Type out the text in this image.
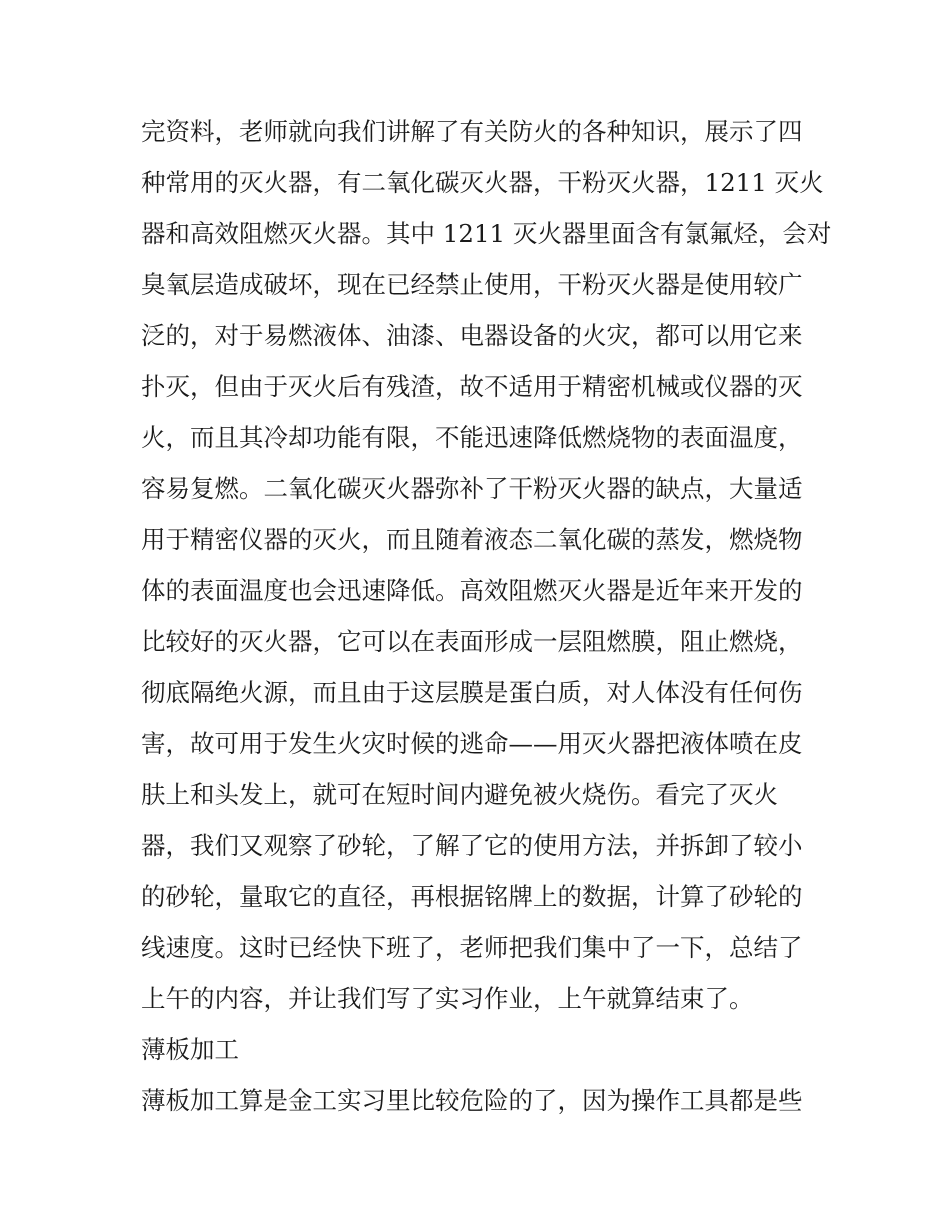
完资料，老师就向我们讲解了有关防火的各种知识，展示了四
种常用的灭火器，有二氧化碳灭火器，干粉灭火器，1211 灭火
器和高效阻燃灭火器。其中 1211 灭火器里面含有氯氟烃，会对
臭氧层造成破坏，现在已经禁止使用，干粉灭火器是使用较广
泛的，对于易燃液体、油漆、电器设备的火灾，都可以用它来
扑灭，但由于灭火后有残渣，故不适用于精密机械或仪器的灭
火，而且其冷却功能有限，不能迅速降低燃烧物的表面温度，
容易复燃。二氧化碳灭火器弥补了干粉灭火器的缺点，大量适
用于精密仪器的灭火，而且随着液态二氧化碳的蒸发，燃烧物
体的表面温度也会迅速降低。高效阻燃灭火器是近年来开发的
比较好的灭火器，它可以在表面形成一层阻燃膜，阻止燃烧，
彻底隔绝火源，而且由于这层膜是蛋白质，对人体没有任何伤
害，故可用于发生火灾时候的逃命——用灭火器把液体喷在皮
肤上和头发上，就可在短时间内避免被火烧伤。看完了灭火
器，我们又观察了砂轮，了解了它的使用方法，并拆卸了较小
的砂轮，量取它的直径，再根据铭牌上的数据，计算了砂轮的
线速度。这时已经快下班了，老师把我们集中了一下，总结了
上午的内容，并让我们写了实习作业，上午就算结束了。
薄板加工
薄板加工算是金工实习里比较危险的了，因为操作工具都是些
